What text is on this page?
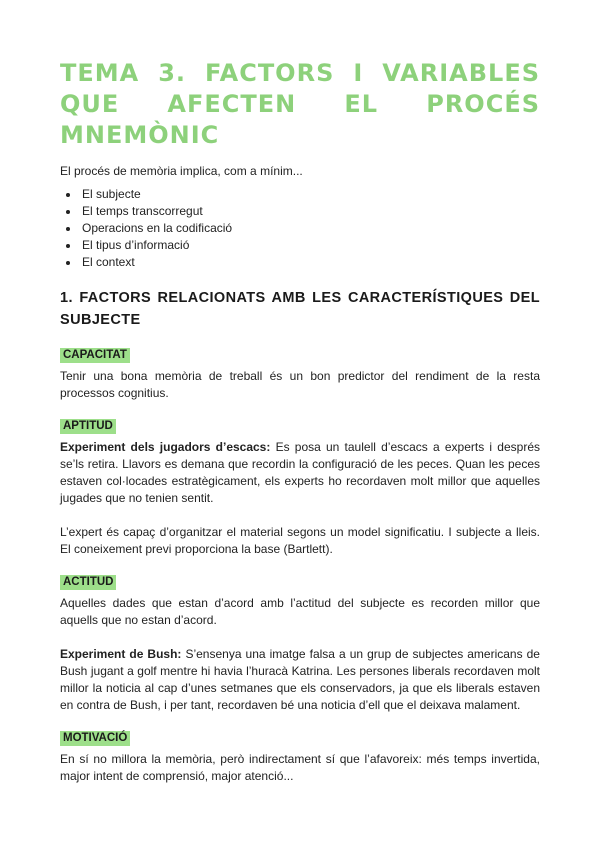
TEMA 3. FACTORS I VARIABLES QUE AFECTEN EL PROCÉS MNEMÒNIC

El procés de memòria implica, com a mínim...

• El subjecte
• El temps transcorregut
• Operacions en la codificació
• El tipus d’informació
• El context
1. FACTORS RELACIONATS AMB LES CARACTERÍSTIQUES DEL SUBJECTE
CAPACITAT

Tenir una bona memòria de treball és un bon predictor del rendiment de la resta processos cognitius.

APTITUD

Experiment dels jugadors d’escacs: Es posa un taulell d’escacs a experts i després se’ls retira. Llavors es demana que recordin la configuració de les peces. Quan les peces estaven col·locades estratègicament, els experts ho recordaven molt millor que aquelles jugades que no tenien sentit.

L’expert és capaç d’organitzar el material segons un model significatiu. I subjecte a lleis. El coneixement previ proporciona la base (Bartlett).

ACTITUD

Aquelles dades que estan d’acord amb l’actitud del subjecte es recorden millor que aquells que no estan d’acord.

Experiment de Bush: S’ensenya una imatge falsa a un grup de subjectes americans de Bush jugant a golf mentre hi havia l’huracà Katrina. Les persones liberals recordaven molt millor la noticia al cap d’unes setmanes que els conservadors, ja que els liberals estaven en contra de Bush, i per tant, recordaven bé una noticia d’ell que el deixava malament.

MOTIVACIÓ

En sí no millora la memòria, però indirectament sí que l’afavoreix: més temps invertida, major intent de comprensió, major atenció...
